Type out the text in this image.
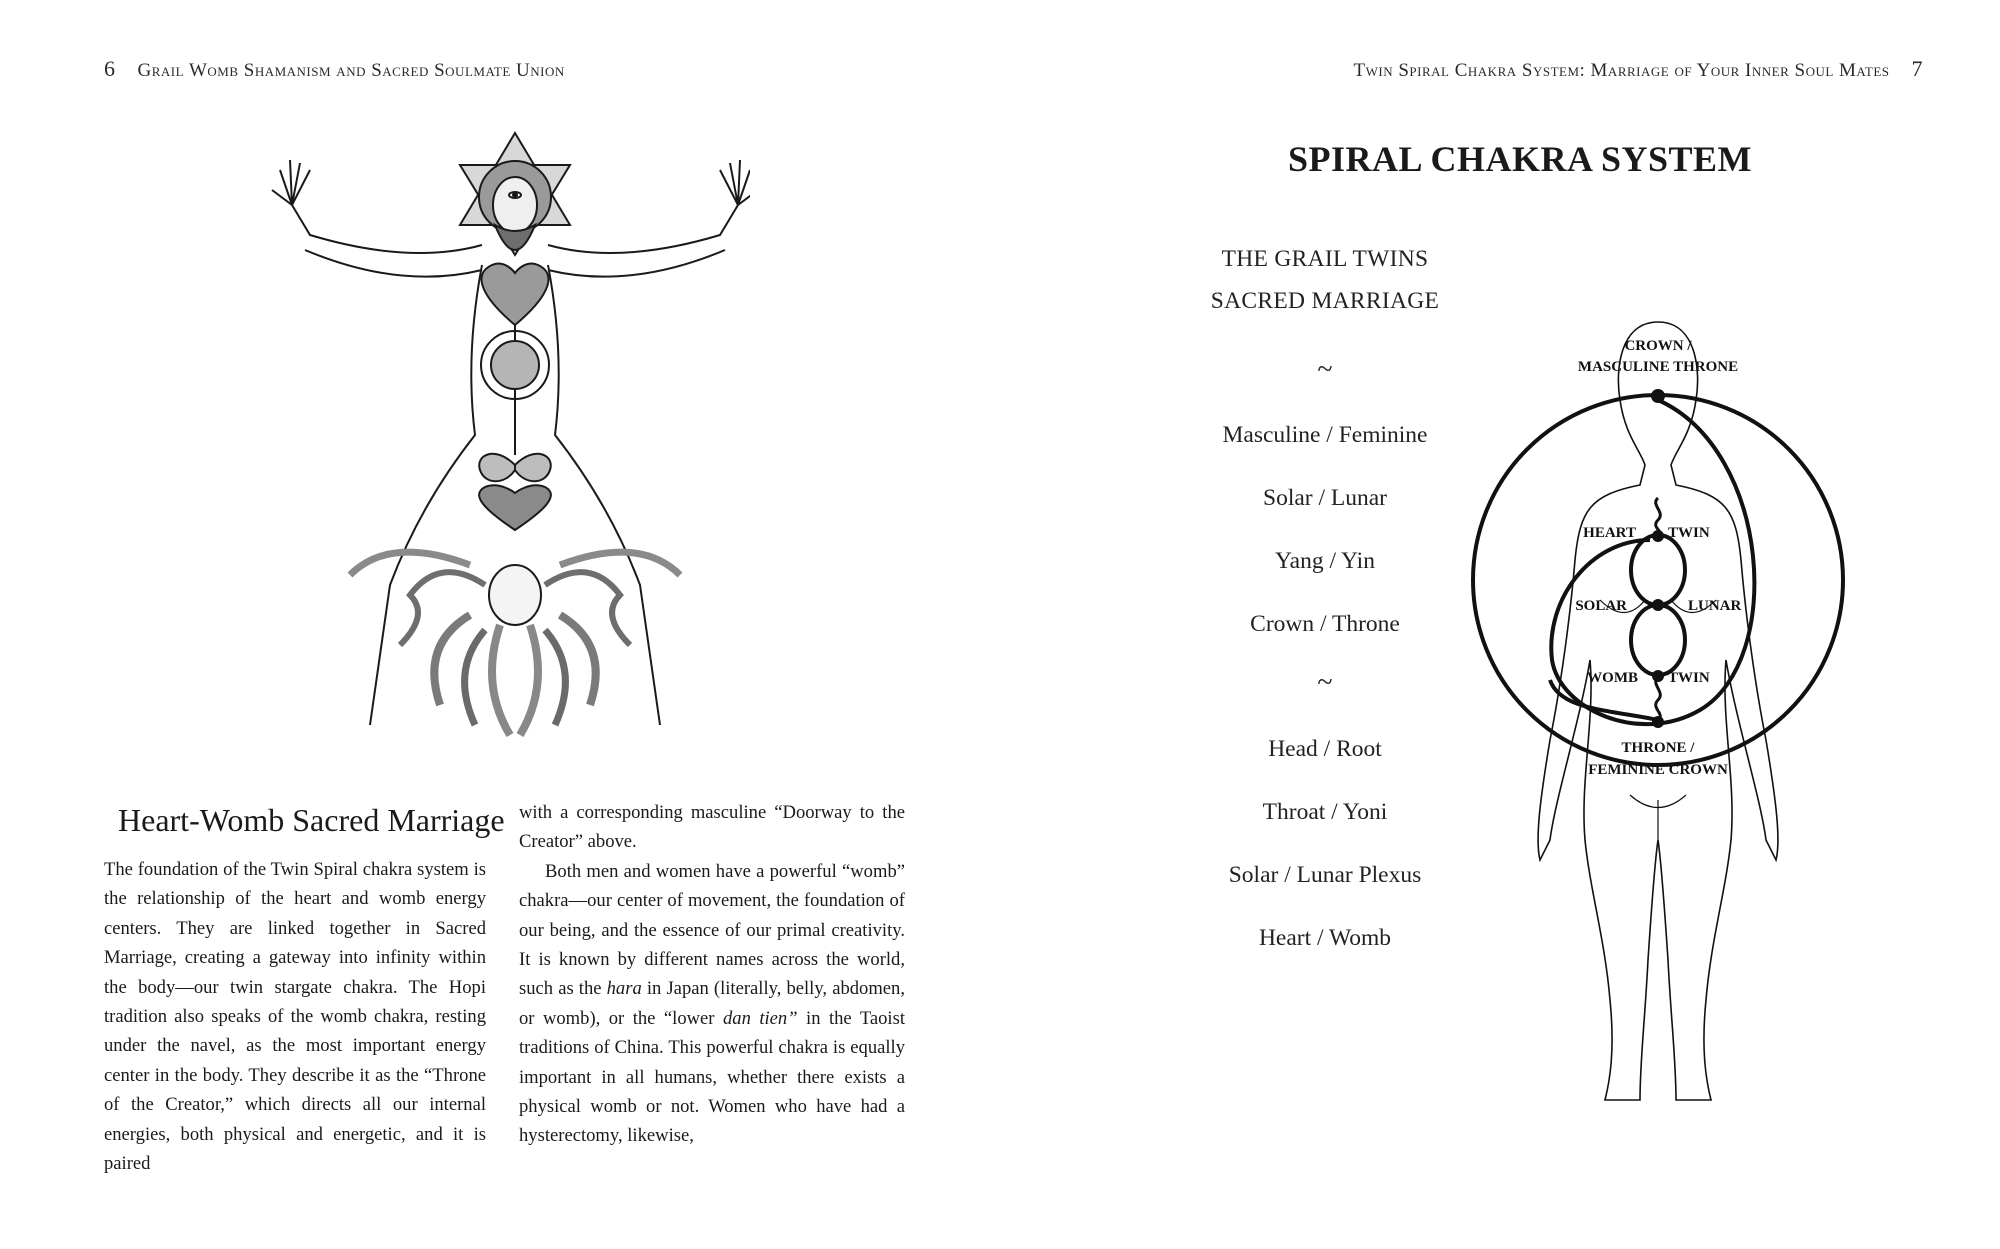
6 Grail Womb Shamanism and Sacred Soulmate Union
Heart-Womb Sacred Marriage

The foundation of the Twin Spiral chakra system is the relationship of the heart and womb energy centers. They are linked together in Sacred Marriage, creating a gateway into infinity within the body—our twin stargate chakra. The Hopi tradition also speaks of the womb chakra, resting under the navel, as the most important energy center in the body. They describe it as the “Throne of the Creator,” which directs all our internal energies, both physical and energetic, and it is paired

with a corresponding masculine “Doorway to the Creator” above.

Both men and women have a powerful “womb” chakra—our center of movement, the foundation of our being, and the essence of our primal creativity. It is known by different names across the world, such as the hara in Japan (literally, belly, abdomen, or womb), or the “lower dan tien” in the Taoist traditions of China. This powerful chakra is equally important in all humans, whether there exists a physical womb or not. Women who have had a hysterectomy, likewise,

Twin Spiral Chakra System: Marriage of Your Inner Soul Mates 7
SPIRAL CHAKRA SYSTEM
THE GRAIL TWINS
SACRED MARRIAGE
~
Masculine / Feminine
Solar / Lunar
Yang / Yin
Crown / Throne
~
Head / Root
Throat / Yoni
Solar / Lunar Plexus
Heart / Womb
CROWN /
MASCULINE THRONE
HEART TWIN
SOLAR	LUNAR
WOMB TWIN
THRONE /
FEMININE CROWN
